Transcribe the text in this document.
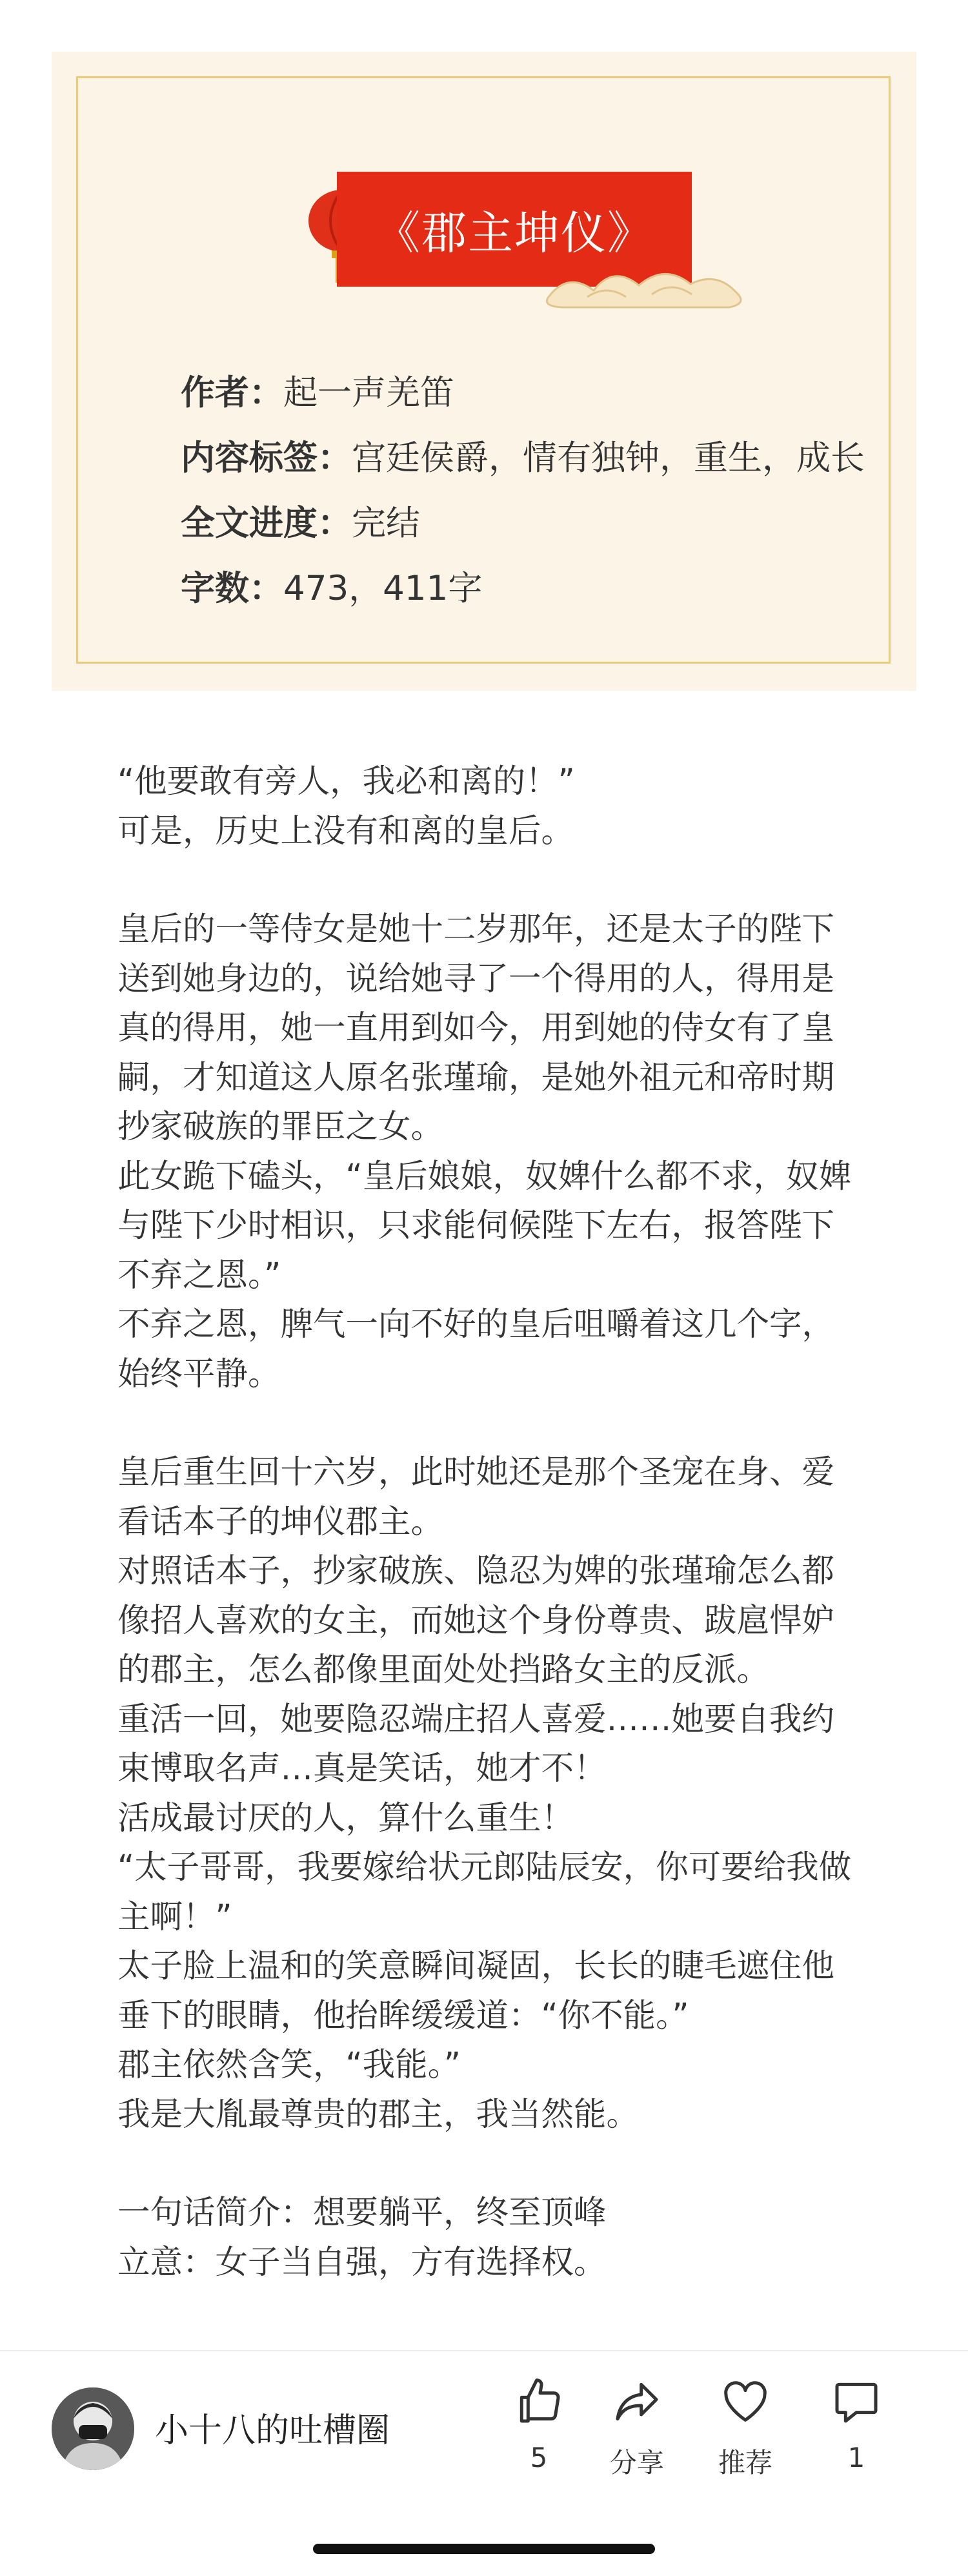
《郡主坤仪》
作者：起一声羌笛
内容标签：宫廷侯爵，情有独钟，重生，成长
全文进度：完结
字数：473，411字

“他要敢有旁人，我必和离的！”

可是，历史上没有和离的皇后。

皇后的一等侍女是她十二岁那年，还是太子的陛下送到她身边的，说给她寻了一个得用的人，得用是真的得用，她一直用到如今，用到她的侍女有了皇嗣，才知道这人原名张瑾瑜，是她外祖元和帝时期抄家破族的罪臣之女。

此女跪下磕头，“皇后娘娘，奴婢什么都不求，奴婢与陛下少时相识，只求能伺候陛下左右，报答陛下不弃之恩。”

不弃之恩，脾气一向不好的皇后咀嚼着这几个字，始终平静。

皇后重生回十六岁，此时她还是那个圣宠在身、爱看话本子的坤仪郡主。

对照话本子，抄家破族、隐忍为婢的张瑾瑜怎么都像招人喜欢的女主，而她这个身份尊贵、跋扈悍妒的郡主，怎么都像里面处处挡路女主的反派。

重活一回，她要隐忍端庄招人喜爱……她要自我约束博取名声…真是笑话，她才不！

活成最讨厌的人，算什么重生！

“太子哥哥，我要嫁给状元郎陆辰安，你可要给我做主啊！”

太子脸上温和的笑意瞬间凝固，长长的睫毛遮住他垂下的眼睛，他抬眸缓缓道：“你不能。”

郡主依然含笑，“我能。”

我是大胤最尊贵的郡主，我当然能。

一句话简介：想要躺平，终至顶峰

立意：女子当自强，方有选择权。

小十八的吐槽圈
5	分享	推荐	1
